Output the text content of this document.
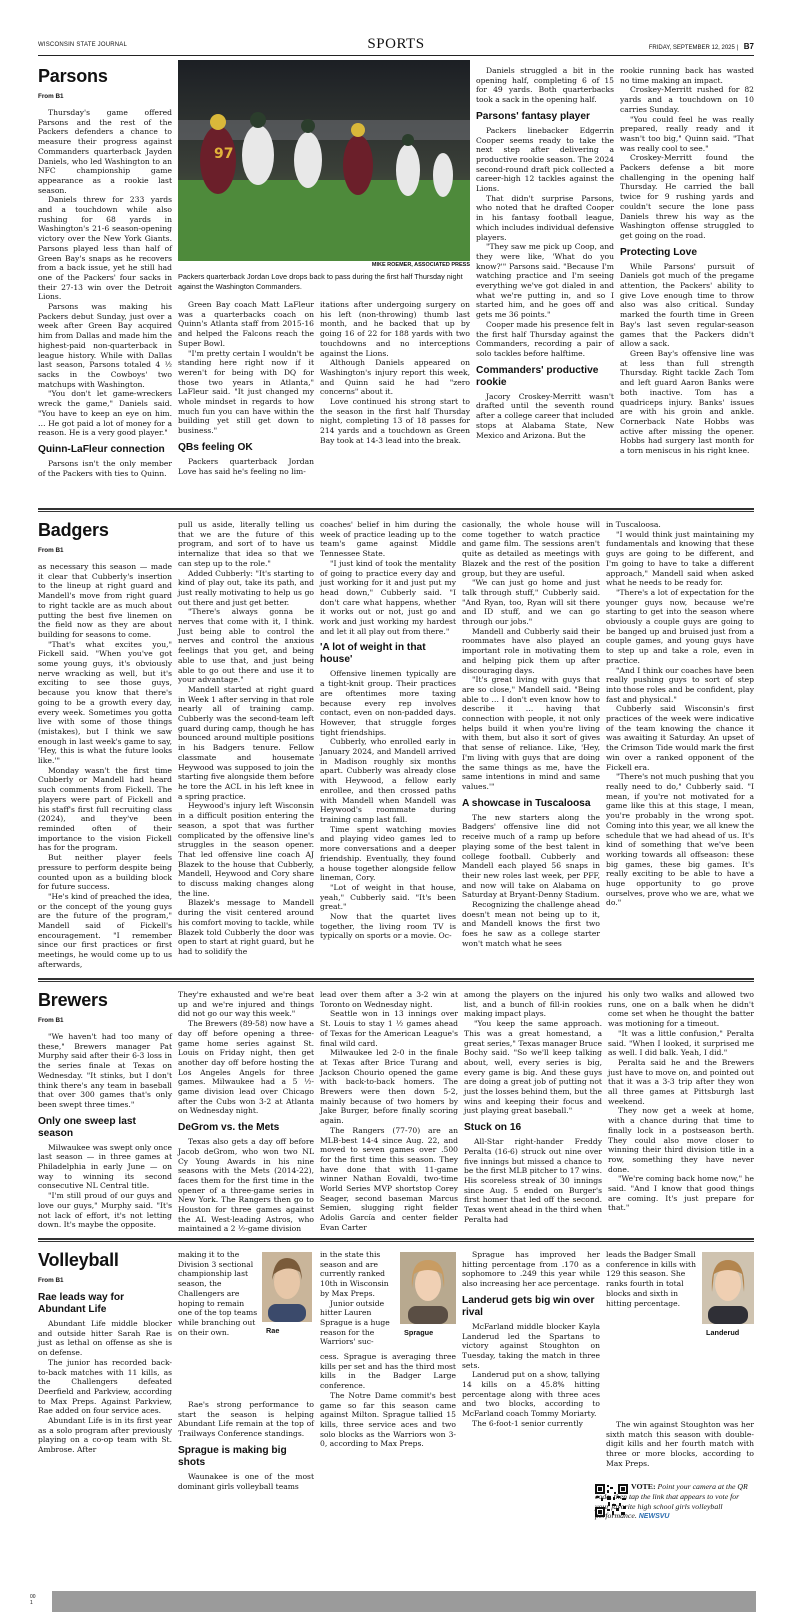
WISCONSIN STATE JOURNAL	SPORTS	FRIDAY, SEPTEMBER 12, 2025 | B7
Parsons
From B1

Thursday's game offered Parsons and the rest of the Packers defenders a chance to measure their progress against Commanders quarterback Jayden Daniels, who led Washington to an NFC championship game appearance as a rookie last season.

Daniels threw for 233 yards and a touchdown while also rushing for 68 yards in Washington's 21-6 season-opening victory over the New York Giants. Parsons played less than half of Green Bay's snaps as he recovers from a back issue, yet he still had one of the Packers' four sacks in their 27-13 win over the Detroit Lions.

Parsons was making his Packers debut Sunday, just over a week after Green Bay acquired him from Dallas and made him the highest-paid non-quarterback in league history. While with Dallas last season, Parsons totaled 4 ½ sacks in the Cowboys' two matchups with Washington.

"You don't let game-wreckers wreck the game," Daniels said. "You have to keep an eye on him. … He got paid a lot of money for a reason. He is a very good player."

Quinn-LaFleur connection

Parsons isn't the only member of the Packers with ties to Quinn.

97
MIKE ROEMER, ASSOCIATED PRESS
Packers quarterback Jordan Love drops back to pass during the first half Thursday night against the Washington Commanders.

Green Bay coach Matt LaFleur was a quarterbacks coach on Quinn's Atlanta staff from 2015-16 and helped the Falcons reach the Super Bowl.

"I'm pretty certain I wouldn't be standing here right now if it weren't for being with DQ for those two years in Atlanta," LaFleur said. "It just changed my whole mindset in regards to how much fun you can have within the building yet still get down to business."

QBs feeling OK

Packers quarterback Jordan Love has said he's feeling no lim-

itations after undergoing surgery on his left (non-throwing) thumb last month, and he backed that up by going 16 of 22 for 188 yards with two touchdowns and no interceptions against the Lions.

Although Daniels appeared on Washington's injury report this week, and Quinn said he had "zero concerns" about it.

Love continued his strong start to the season in the first half Thursday night, completing 13 of 18 passes for 214 yards and a touchdown as Green Bay took at 14-3 lead into the break.

Daniels struggled a bit in the opening half, completing 6 of 15 for 49 yards. Both quarterbacks took a sack in the opening half.

Parsons' fantasy player

Packers linebacker Edgerrin Cooper seems ready to take the next step after delivering a productive rookie season. The 2024 second-round draft pick collected a career-high 12 tackles against the Lions.

That didn't surprise Parsons, who noted that he drafted Cooper in his fantasy football league, which includes individual defensive players.

"They saw me pick up Coop, and they were like, 'What do you know?'" Parsons said. "Because I'm watching practice and I'm seeing everything we've got dialed in and what we're putting in, and so I started him, and he goes off and gets me 36 points."

Cooper made his presence felt in the first half Thursday against the Commanders, recording a pair of solo tackles before halftime.

Commanders' productive rookie

Jacory Croskey-Merritt wasn't drafted until the seventh round after a college career that included stops at Alabama State, New Mexico and Arizona. But the

rookie running back has wasted no time making an impact.

Croskey-Merritt rushed for 82 yards and a touchdown on 10 carries Sunday.

"You could feel he was really prepared, really ready and it wasn't too big," Quinn said. "That was really cool to see."

Croskey-Merritt found the Packers defense a bit more challenging in the opening half Thursday. He carried the ball twice for 9 rushing yards and couldn't secure the lone pass Daniels threw his way as the Washington offense struggled to get going on the road.

Protecting Love

While Parsons' pursuit of Daniels got much of the pregame attention, the Packers' ability to give Love enough time to throw also was also critical. Sunday marked the fourth time in Green Bay's last seven regular-season games that the Packers didn't allow a sack.

Green Bay's offensive line was at less than full strength Thursday. Right tackle Zach Tom and left guard Aaron Banks were both inactive. Tom has a quadriceps injury. Banks' issues are with his groin and ankle. Cornerback Nate Hobbs was active after missing the opener. Hobbs had surgery last month for a torn meniscus in his right knee.

Badgers
From B1

as necessary this season — made it clear that Cubberly's insertion to the lineup at right guard and Mandell's move from right guard to right tackle are as much about putting the best five linemen on the field now as they are about building for seasons to come.

"That's what excites you," Fickell said. "When you've got some young guys, it's obviously nerve wracking as well, but it's exciting to see those guys, because you know that there's going to be a growth every day, every week. Sometimes you gotta live with some of those things (mistakes), but I think we saw enough in last week's game to say, 'Hey, this is what the future looks like.'"

Monday wasn't the first time Cubberly or Mandell had heard such comments from Fickell. The players were part of Fickell and his staff's first full recruiting class (2024), and they've been reminded often of their importance to the vision Fickell has for the program.

But neither player feels pressure to perform despite being counted upon as a building block for future success.

"He's kind of preached the idea, or the concept of the young guys are the future of the program," Mandell said of Fickell's encouragement. "I remember since our first practices or first meetings, he would come up to us afterwards,

pull us aside, literally telling us that we are the future of this program, and sort of to have us internalize that idea so that we can step up to the role."

Added Cubberly: "It's starting to kind of play out, take its path, and just really motivating to help us go out there and just get better.

"There's always gonna be nerves that come with it, I think. Just being able to control the nerves and control the anxious feelings that you get, and being able to use that, and just being able to go out there and use it to your advantage."

Mandell started at right guard in Week 1 after serving in that role nearly all of training camp. Cubberly was the second-team left guard during camp, though he has bounced around multiple positions in his Badgers tenure. Fellow classmate and housemate Heywood was supposed to join the starting five alongside them before he tore the ACL in his left knee in a spring practice.

Heywood's injury left Wisconsin in a difficult position entering the season, a spot that was further complicated by the offensive line's struggles in the season opener. That led offensive line coach AJ Blazek to the house that Cubberly, Mandell, Heywood and Cory share to discuss making changes along the line.

Blazek's message to Mandell during the visit centered around his comfort moving to tackle, while Blazek told Cubberly the door was open to start at right guard, but he had to solidify the

coaches' belief in him during the week of practice leading up to the team's game against Middle Tennessee State.

"I just kind of took the mentality of going to practice every day and just working for it and just put my head down," Cubberly said. "I don't care what happens, whether it works out or not, just go and work and just working my hardest and let it all play out from there."

'A lot of weight in that house'

Offensive linemen typically are a tight-knit group. Their practices are oftentimes more taxing because every rep involves contact, even on non-padded days. However, that struggle forges tight friendships.

Cubberly, who enrolled early in January 2024, and Mandell arrived in Madison roughly six months apart. Cubberly was already close with Heywood, a fellow early enrollee, and then crossed paths with Mandell when Mandell was Heywood's roommate during training camp last fall.

Time spent watching movies and playing video games led to more conversations and a deeper friendship. Eventually, they found a house together alongside fellow lineman, Cory.

"Lot of weight in that house, yeah," Cubberly said. "It's been great."

Now that the quartet lives together, the living room TV is typically on sports or a movie. Oc-

casionally, the whole house will come together to watch practice and game film. The sessions aren't quite as detailed as meetings with Blazek and the rest of the position group, but they are useful.

"We can just go home and just talk through stuff," Cubberly said. "And Ryan, too, Ryan will sit there and ID stuff, and we can go through our jobs."

Mandell and Cubberly said their roommates have also played an important role in motivating them and helping pick them up after discouraging days.

"It's great living with guys that are so close," Mandell said. "Being able to … I don't even know how to describe it … having that connection with people, it not only helps build it when you're living with them, but also it sort of gives that sense of reliance. Like, 'Hey, I'm living with guys that are doing the same things as me, have the same intentions in mind and same values.'"

A showcase in Tuscaloosa

The new starters along the Badgers' offensive line did not receive much of a ramp up before playing some of the best talent in college football. Cubberly and Mandell each played 56 snaps in their new roles last week, per PFF, and now will take on Alabama on Saturday at Bryant-Denny Stadium.

Recognizing the challenge ahead doesn't mean not being up to it, and Mandell knows the first two foes he saw as a college starter won't match what he sees

in Tuscaloosa.

"I would think just maintaining my fundamentals and knowing that these guys are going to be different, and I'm going to have to take a different approach," Mandell said when asked what he needs to be ready for.

"There's a lot of expectation for the younger guys now, because we're starting to get into the season where obviously a couple guys are going to be banged up and bruised just from a couple games, and young guys have to step up and take a role, even in practice.

"And I think our coaches have been really pushing guys to sort of step into those roles and be confident, play fast and physical."

Cubberly said Wisconsin's first practices of the week were indicative of the team knowing the chance it was awaiting it Saturday. An upset of the Crimson Tide would mark the first win over a ranked opponent of the Fickell era.

"There's not much pushing that you really need to do," Cubberly said. "I mean, if you're not motivated for a game like this at this stage, I mean, you're probably in the wrong spot. Coming into this year, we all knew the schedule that we had ahead of us. It's kind of something that we've been working towards all offseason: these big games, these big games. It's really exciting to be able to have a huge opportunity to go prove ourselves, prove who we are, what we do."

Brewers
From B1

"We haven't had too many of these," Brewers manager Pat Murphy said after their 6-3 loss in the series finale at Texas on Wednesday. "It stinks, but I don't think there's any team in baseball that over 300 games that's only been swept three times."

Only one sweep last season

Milwaukee was swept only once last season — in three games at Philadelphia in early June — on way to winning its second consecutive NL Central title.

"I'm still proud of our guys and love our guys," Murphy said. "It's not lack of effort, it's not letting down. It's maybe the opposite.

They're exhausted and we're beat up and we're injured and things did not go our way this week."

The Brewers (89-58) now have a day off before opening a three-game home series against St. Louis on Friday night, then get another day off before hosting the Los Angeles Angels for three games. Milwaukee had a 5 ½-game division lead over Chicago after the Cubs won 3-2 at Atlanta on Wednesday night.

DeGrom vs. the Mets

Texas also gets a day off before Jacob deGrom, who won two NL Cy Young Awards in his nine seasons with the Mets (2014-22), faces them for the first time in the opener of a three-game series in New York. The Rangers then go to Houston for three games against the AL West-leading Astros, who maintained a 2 ½-game division

lead over them after a 3-2 win at Toronto on Wednesday night.

Seattle won in 13 innings over St. Louis to stay 1 ½ games ahead of Texas for the American League's final wild card.

Milwaukee led 2-0 in the finale at Texas after Brice Turang and Jackson Chourio opened the game with back-to-back homers. The Brewers were then down 5-2, mainly because of two homers by Jake Burger, before finally scoring again.

The Rangers (77-70) are an MLB-best 14-4 since Aug. 22, and moved to seven games over .500 for the first time this season. They have done that with 11-game winner Nathan Eovaldi, two-time World Series MVP shortstop Corey Seager, second baseman Marcus Semien, slugging right fielder Adolis García and center fielder Evan Carter

among the players on the injured list, and a bunch of fill-in rookies making impact plays.

"You keep the same approach. This was a great homestand, a great series," Texas manager Bruce Bochy said. "So we'll keep talking about, well, every series is big, every game is big. And these guys are doing a great job of putting not just the losses behind them, but the wins and keeping their focus and just playing great baseball."

Stuck on 16

All-Star right-hander Freddy Peralta (16-6) struck out nine over five innings but missed a chance to be the first MLB pitcher to 17 wins. His scoreless streak of 30 innings since Aug. 5 ended on Burger's first homer that led off the second. Texas went ahead in the third when Peralta had

his only two walks and allowed two runs, one on a balk when he didn't come set when he thought the batter was motioning for a timeout.

"It was a little confusion," Peralta said. "When I looked, it surprised me as well. I did balk. Yeah, I did."

Peralta said he and the Brewers just have to move on, and pointed out that it was a 3-3 trip after they won all three games at Pittsburgh last weekend.

They now get a week at home, with a chance during that time to finally lock in a postseason berth. They could also move closer to winning their third division title in a row, something they have never done.

"We're coming back home now," he said. "And I know that good things are coming. It's just prepare for that."

Volleyball
From B1
Rae leads way for Abundant Life

Abundant Life middle blocker and outside hitter Sarah Rae is just as lethal on offense as she is on defense.

The junior has recorded back-to-back matches with 11 kills, as the Challengers defeated Deerfield and Parkview, according to Max Preps. Against Parkview, Rae added on four service aces.

Abundant Life is in its first year as a solo program after previously playing on a co-op team with St. Ambrose. After

making it to the Division 3 sectional championship last season, the Challengers are hoping to remain one of the top teams while branching out on their own.	Rae

Rae's strong performance to start the season is helping Abundant Life remain at the top of Trailways Conference standings.

Sprague is making big shots

Waunakee is one of the most dominant girls volleyball teams

in the state this season and are currently ranked 10th in Wisconsin by Max Preps.

Junior outside hitter Lauren Sprague is a huge reason for the Warriors' suc-

Sprague

cess. Sprague is averaging three kills per set and has the third most kills in the Badger Large conference.

The Notre Dame commit's best game so far this season came against Milton. Sprague tallied 15 kills, three service aces and two solo blocks as the Warriors won 3-0, according to Max Preps.

Sprague has improved her hitting percentage from .170 as a sophomore to .249 this year while also increasing her ace percentage.

Landerud gets big win over rival

McFarland middle blocker Kayla Landerud led the Spartans to victory against Stoughton on Tuesday, taking the match in three sets.

Landerud put on a show, tallying 14 kills on a 45.8% hitting percentage along with three aces and two blocks, according to McFarland coach Tommy Moriarty.

The 6-foot-1 senior currently

leads the Badger Small conference in kills with 129 this season. She ranks fourth in total blocks and sixth in hitting percentage.

Landerud

The win against Stoughton was her sixth match this season with double-digit kills and her fourth match with three or more blocks, according to Max Preps.

VOTE: Point your camera at the QR code, then tap the link that appears to vote for your favorite high school girls volleyball performance. NEWSVU
00
1
